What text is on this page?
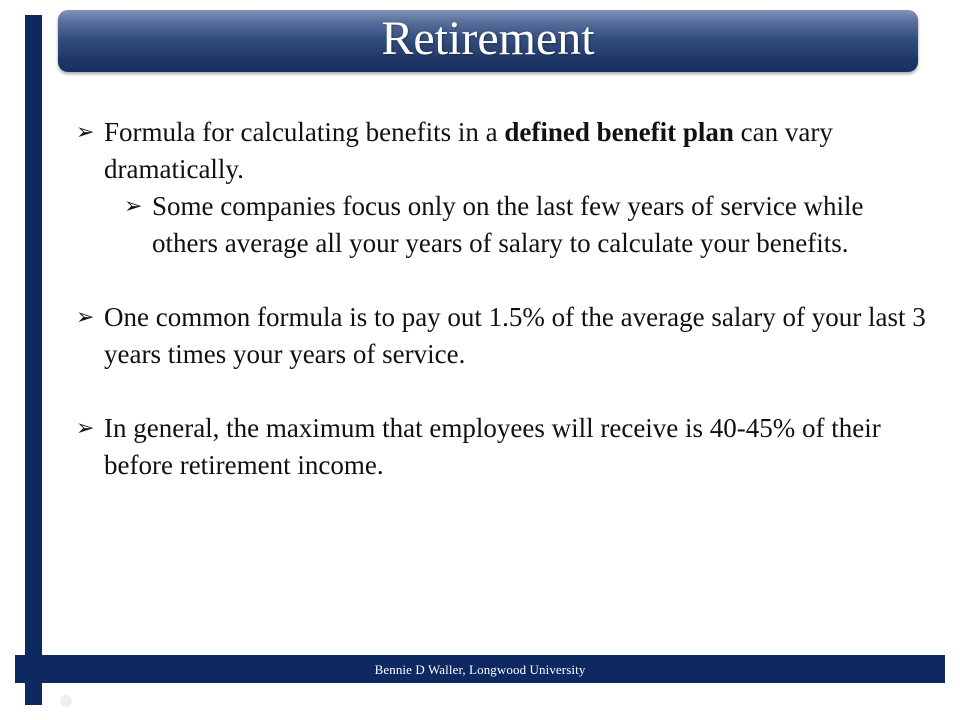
Retirement
➢ Formula for calculating benefits in a defined benefit plan can vary dramatically.
➢ Some companies focus only on the last few years of service while others average all your years of salary to calculate your benefits.
➢ One common formula is to pay out 1.5% of the average salary of your last 3 years times your years of service.
➢ In general, the maximum that employees will receive is 40-45% of their before retirement income.
Bennie D Waller, Longwood University
